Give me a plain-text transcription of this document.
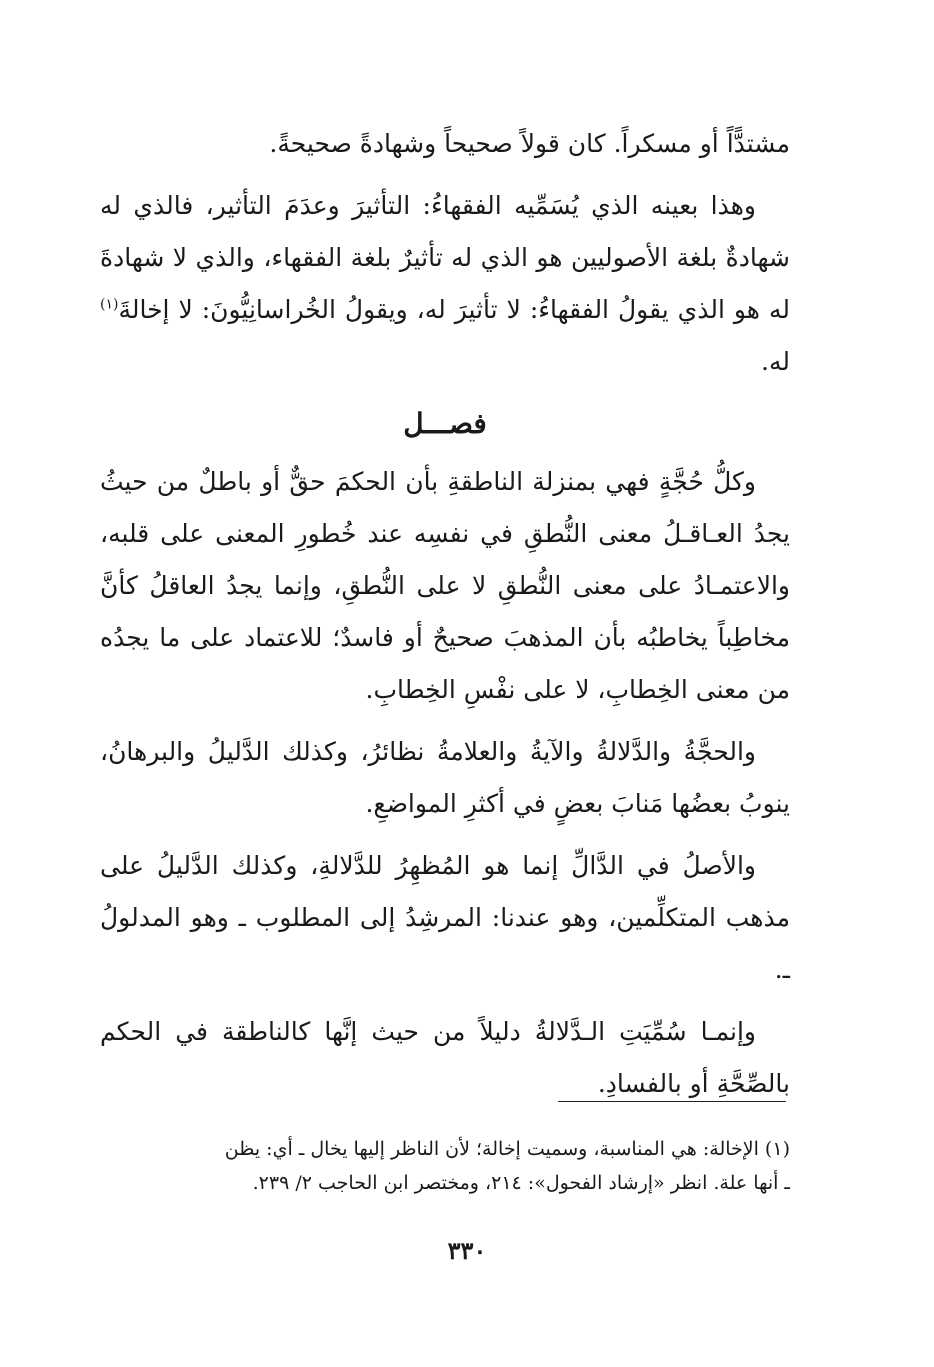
مشتدًّاً أو مسكراً. كان قولاً صحيحاً وشهادةً صحيحةً.

وهذا بعينه الذي يُسَمِّيه الفقهاءُ: التأثيرَ وعدَمَ التأثير، فالذي له شهادةٌ بلغة الأصوليين هو الذي له تأثيرٌ بلغة الفقهاء، والذي لا شهادةَ له هو الذي يقولُ الفقهاءُ: لا تأثيرَ له، ويقولُ الخُراسانِيُّونَ: لا إخالةَ$^{(١)}$ له.

فصـــل

وكلُّ حُجَّةٍ فهي بمنزلة الناطقةِ بأن الحكمَ حقٌّ أو باطلٌ من حيثُ يجدُ العـاقـلُ معنى النُّطقِ في نفسِه عند خُطورِ المعنى على قلبه، والاعتمـادُ على معنى النُّطقِ لا على النُّطقِ، وإنما يجدُ العاقلُ كأنَّ مخاطِباً يخاطبُه بأن المذهبَ صحيحٌ أو فاسدٌ؛ للاعتماد على ما يجدُه من معنى الخِطابِ، لا على نفْسِ الخِطابِ.

والحجَّةُ والدَّلالةُ والآيةُ والعلامةُ نظائرُ، وكذلك الدَّليلُ والبرهانُ، ينوبُ بعضُها مَنابَ بعضٍ في أكثرِ المواضعِ.

والأصلُ في الدَّالِّ إنما هو المُظهِرُ للدَّلالةِ، وكذلك الدَّليلُ على مذهب المتكلِّمين، وهو عندنا: المرشِدُ إلى المطلوب ـ وهو المدلولُ ـ.

وإنمـا سُمِّيَتِ الـدَّلالةُ دليلاً من حيث إنَّها كالناطقة في الحكم بالصِّحَّةِ أو بالفسادِ.

(١) الإخالة: هي المناسبة، وسميت إخالة؛ لأن الناظر إليها يخال ـ أي: يظن

ـ أنها علة. انظر «إرشاد الفحول»: ٢١٤، ومختصر ابن الحاجب ٢/ ٢٣٩.

٣٣٠
